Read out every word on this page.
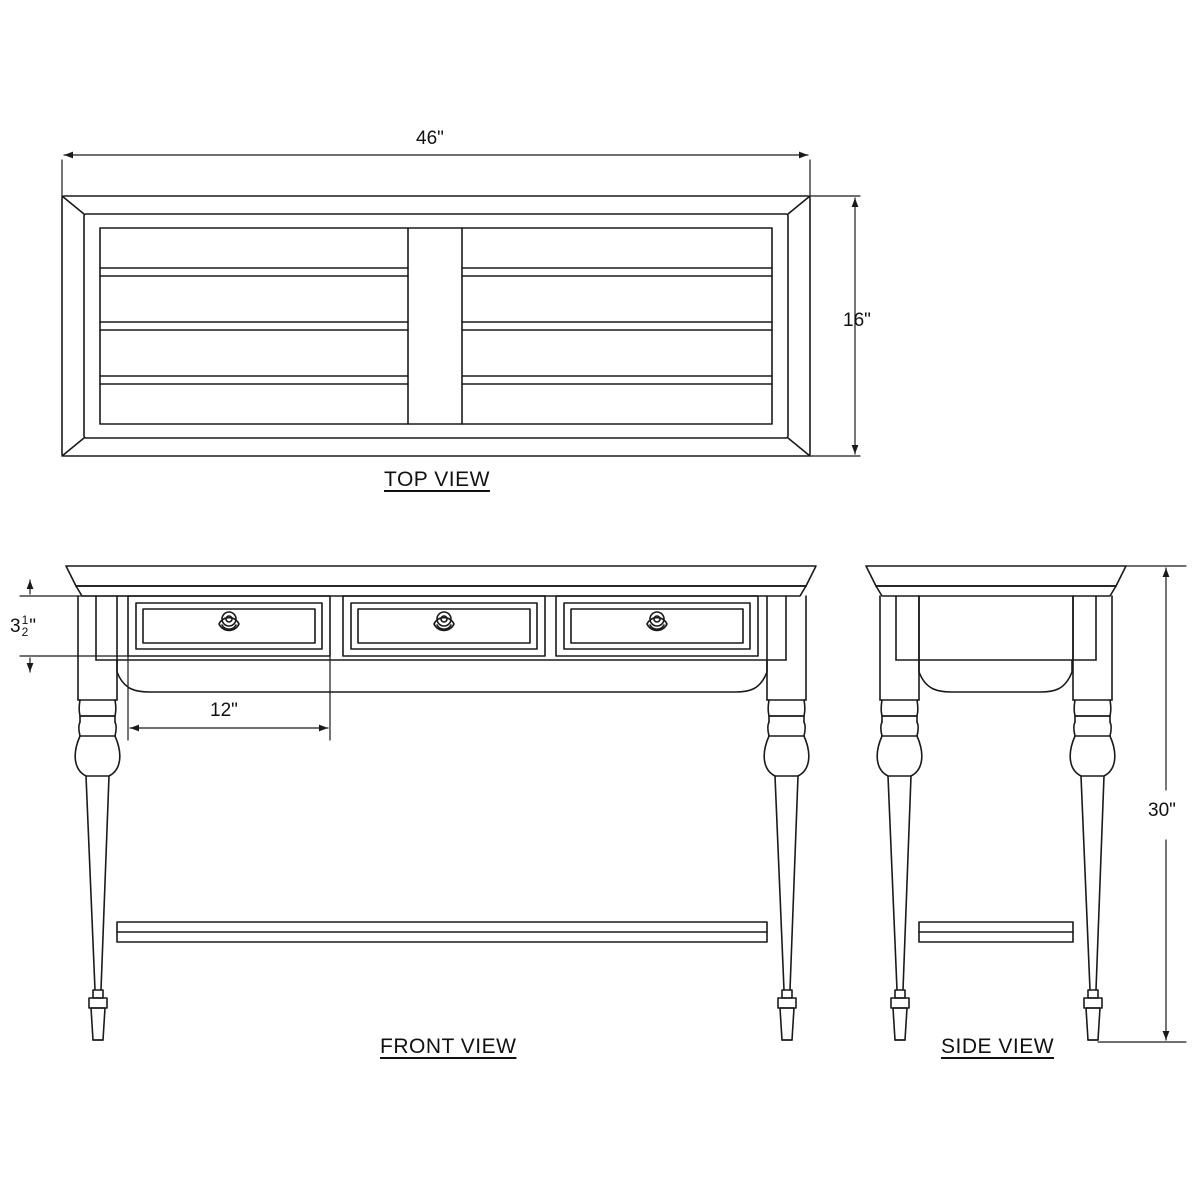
46"
16"
TOP VIEW
3 1
2 "
12"
30"
FRONT VIEW	SIDE VIEW
